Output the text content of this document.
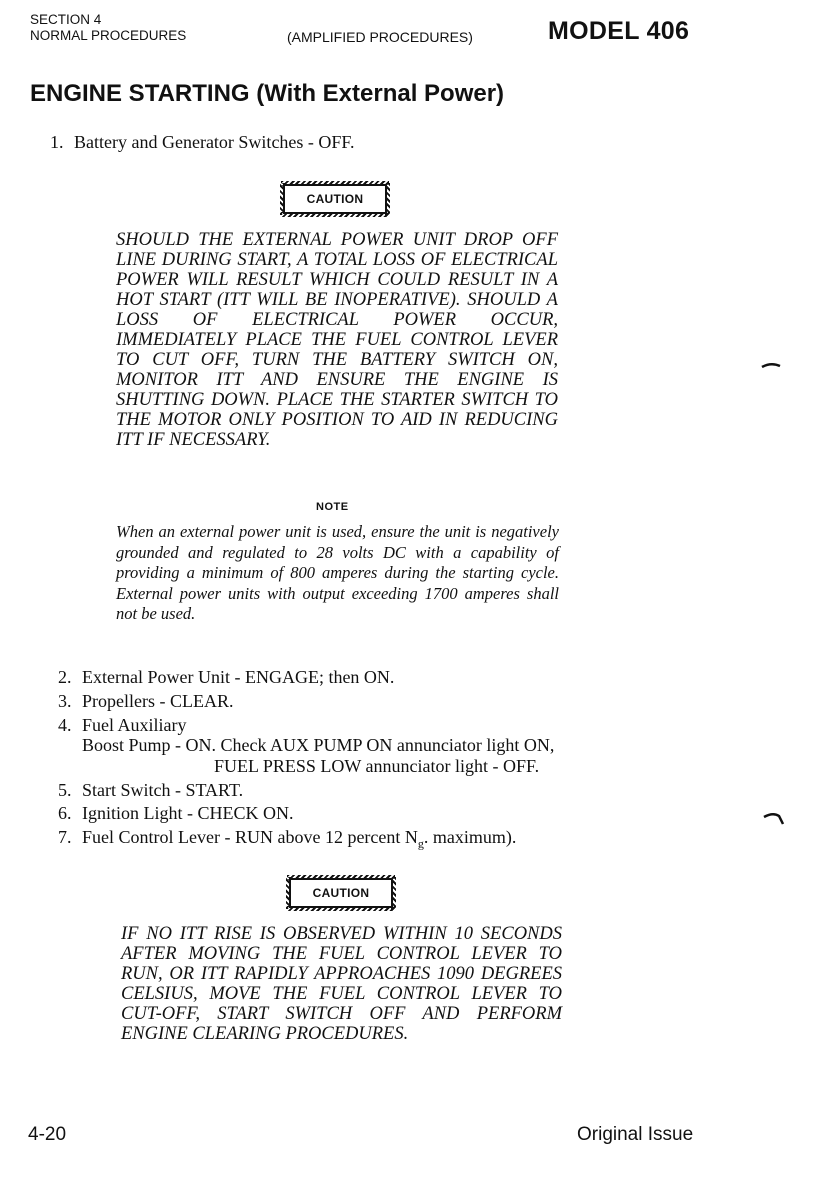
SECTION 4
NORMAL PROCEDURES	(AMPLIFIED PROCEDURES)	MODEL 406
ENGINE STARTING (With External Power)
1. Battery and Generator Switches - OFF.
CAUTION
SHOULD THE EXTERNAL POWER UNIT DROP OFF LINE DURING START, A TOTAL LOSS OF ELECTRICAL POWER WILL RESULT WHICH COULD RESULT IN A HOT START (ITT WILL BE INOPERATIVE). SHOULD A LOSS OF ELECTRICAL POWER OCCUR, IMMEDIATELY PLACE THE FUEL CONTROL LEVER TO CUT OFF, TURN THE BATTERY SWITCH ON, MONITOR ITT AND ENSURE THE ENGINE IS SHUTTING DOWN. PLACE THE STARTER SWITCH TO THE MOTOR ONLY POSITION TO AID IN REDUCING ITT IF NECESSARY.
NOTE
When an external power unit is used, ensure the unit is negatively grounded and regulated to 28 volts DC with a capability of providing a minimum of 800 amperes during the starting cycle. External power units with output exceeding 1700 amperes shall not be used.
2. External Power Unit - ENGAGE; then ON.
3. Propellers - CLEAR.
4. Fuel Auxiliary
Boost Pump - ON. Check AUX PUMP ON annunciator light ON,
FUEL PRESS LOW annunciator light - OFF.
5. Start Switch - START.
6. Ignition Light - CHECK ON.
7. Fuel Control Lever - RUN above 12 percent $N_g$. maximum).
CAUTION
IF NO ITT RISE IS OBSERVED WITHIN 10 SECONDS AFTER MOVING THE FUEL CONTROL LEVER TO RUN, OR ITT RAPIDLY APPROACHES 1090 DEGREES CELSIUS, MOVE THE FUEL CONTROL LEVER TO CUT-OFF, START SWITCH OFF AND PERFORM ENGINE CLEARING PROCEDURES.
4-20	Original Issue
